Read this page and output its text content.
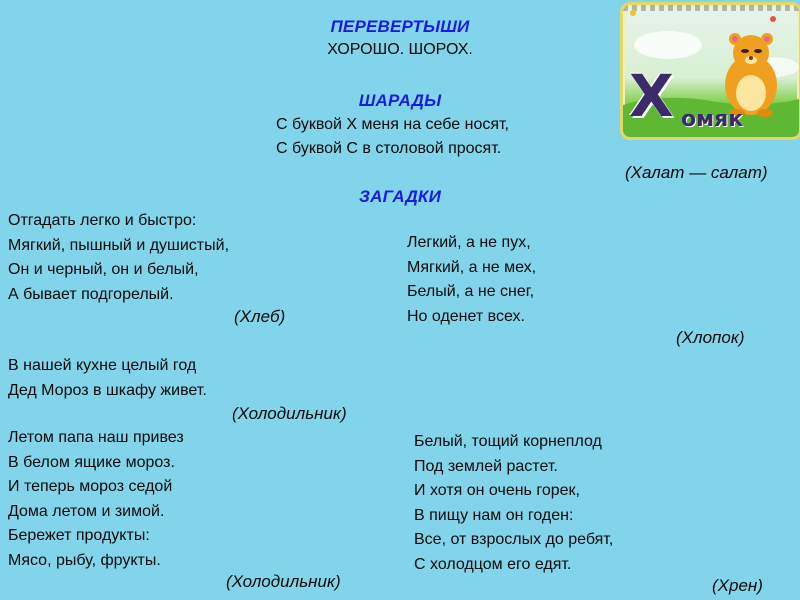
Х омяк
ПЕРЕВЕРТЫШИ
ХОРОШО. ШОРОХ.
ШАРАДЫ
С буквой Х меня на себе носят,
С буквой С в столовой просят.
(Халат — салат)
ЗАГАДКИ
Отгадать легко и быстро:
Мягкий, пышный и душистый,
Он и черный, он и белый,
А бывает подгорелый.
(Хлеб)
Легкий, а не пух,
Мягкий, а не мех,
Белый, а не снег,
Но оденет всех.
(Хлопок)
В нашей кухне целый год
Дед Мороз в шкафу живет.
(Холодильник)
Летом папа наш привез
В белом ящике мороз.
И теперь мороз седой
Дома летом и зимой.
Бережет продукты:
Мясо, рыбу, фрукты.
(Холодильник)
Белый, тощий корнеплод
Под землей растет.
И хотя он очень горек,
В пищу нам он годен:
Все, от взрослых до ребят,
С холодцом его едят.
(Хрен)
